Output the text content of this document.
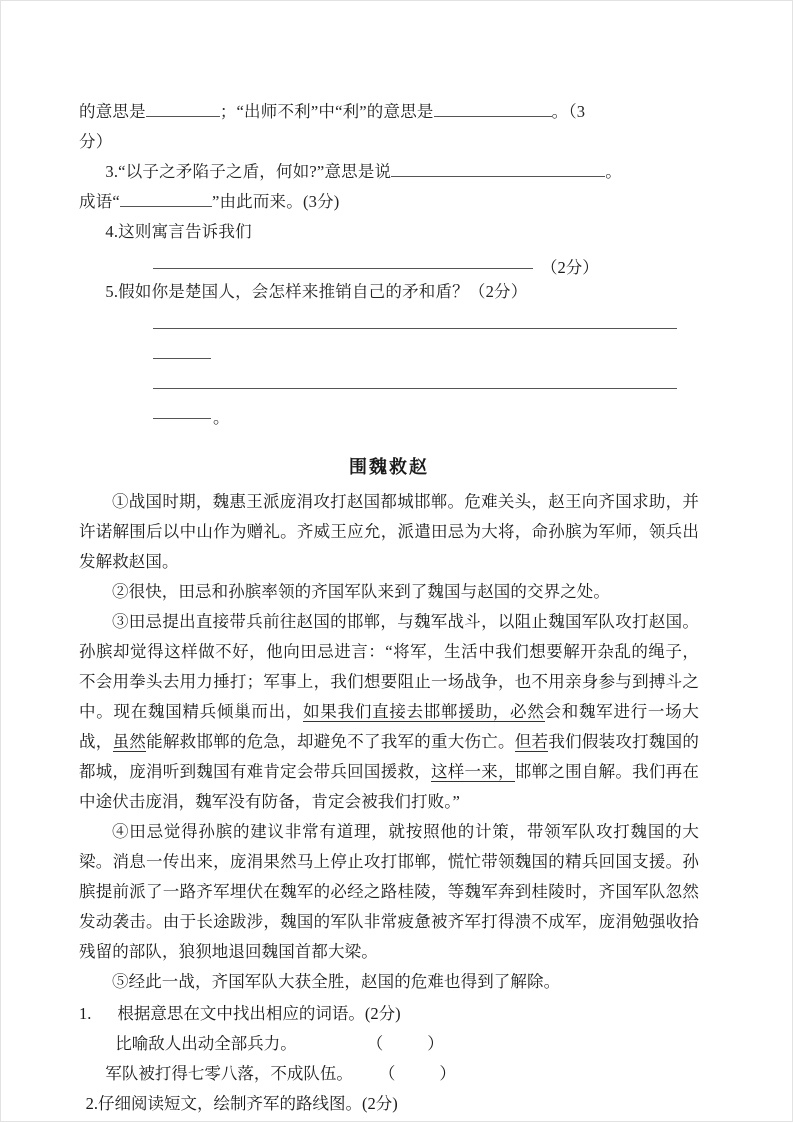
的意思是	；“出师不利”中“利”的意思是	。（3

分）

3.“以子之矛陷子之盾，何如?”意思是说	。

成语“	”由此而来。(3分)

4.这则寓言告诉我们

（2分）

5.假如你是楚国人，会怎样来推销自己的矛和盾？（2分）

。
围魏救赵

①战国时期，魏惠王派庞涓攻打赵国都城邯郸。危难关头，赵王向齐国求助，并许诺解围后以中山作为赠礼。齐威王应允，派遣田忌为大将，命孙膑为军师，领兵出发解救赵国。

②很快，田忌和孙膑率领的齐国军队来到了魏国与赵国的交界之处。

③田忌提出直接带兵前往赵国的邯郸，与魏军战斗，以阻止魏国军队攻打赵国。孙膑却觉得这样做不好，他向田忌进言：“将军，生活中我们想要解开杂乱的绳子，不会用拳头去用力捶打；军事上，我们想要阻止一场战争，也不用亲身参与到搏斗之中。现在魏国精兵倾巢而出，如果我们直接去邯郸援助，必然会和魏军进行一场大战，虽然能解救邯郸的危急，却避免不了我军的重大伤亡。但若我们假装攻打魏国的都城，庞涓听到魏国有难肯定会带兵回国援救，这样一来，邯郸之围自解。我们再在中途伏击庞涓，魏军没有防备，肯定会被我们打败。”

④田忌觉得孙膑的建议非常有道理，就按照他的计策，带领军队攻打魏国的大梁。消息一传出来，庞涓果然马上停止攻打邯郸，慌忙带领魏国的精兵回国支援。孙膑提前派了一路齐军埋伏在魏军的必经之路桂陵，等魏军奔到桂陵时，齐国军队忽然发动袭击。由于长途跋涉，魏国的军队非常疲惫被齐军打得溃不成军，庞涓勉强收拾残留的部队，狼狈地退回魏国首都大梁。

⑤经此一战，齐国军队大获全胜，赵国的危难也得到了解除。

1. 根据意思在文中找出相应的词语。(2分)

比喻敌人出动全部兵力。	（	）

军队被打得七零八落，不成队伍。 （	）

2.仔细阅读短文，绘制齐军的路线图。(2分)
